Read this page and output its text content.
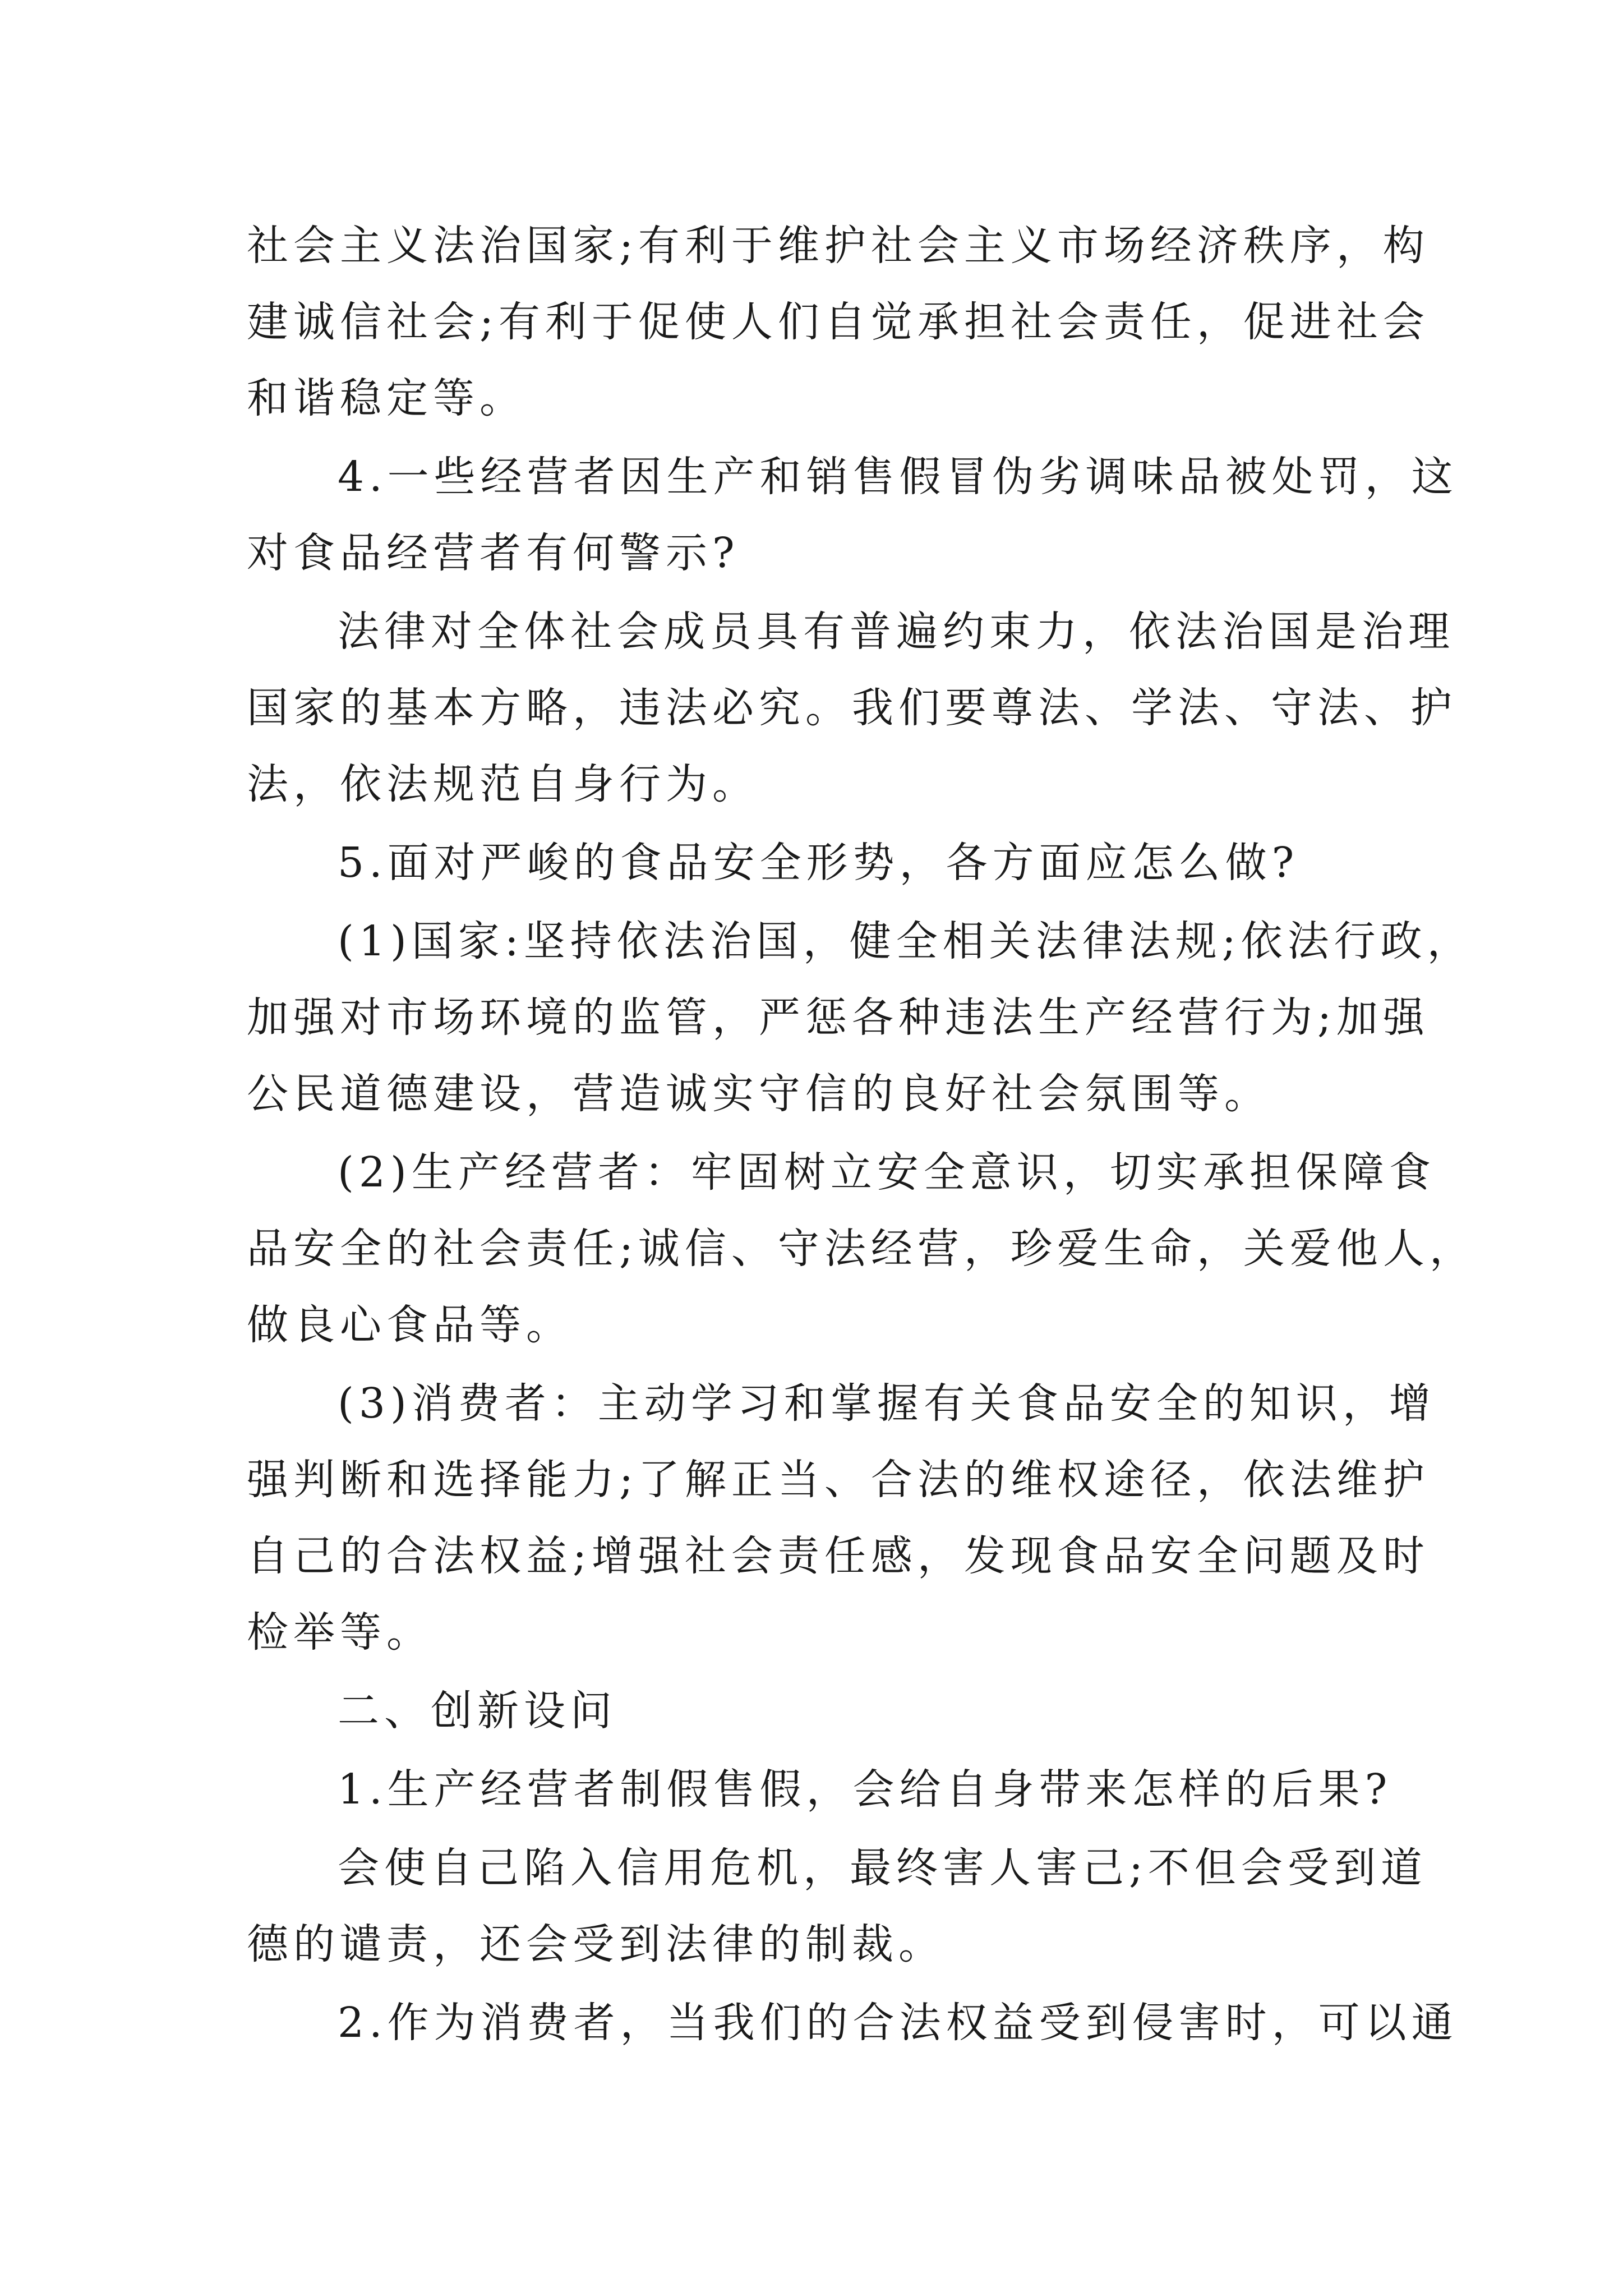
社会主义法治国家;有利于维护社会主义市场经济秩序，构
建诚信社会;有利于促使人们自觉承担社会责任，促进社会
和谐稳定等。
4.一些经营者因生产和销售假冒伪劣调味品被处罚，这
对食品经营者有何警示?
法律对全体社会成员具有普遍约束力，依法治国是治理
国家的基本方略，违法必究。我们要尊法、学法、守法、护
法，依法规范自身行为。
5.面对严峻的食品安全形势，各方面应怎么做?
(1)国家:坚持依法治国，健全相关法律法规;依法行政，
加强对市场环境的监管，严惩各种违法生产经营行为;加强
公民道德建设，营造诚实守信的良好社会氛围等。
(2)生产经营者：牢固树立安全意识，切实承担保障食
品安全的社会责任;诚信、守法经营，珍爱生命，关爱他人，
做良心食品等。
(3)消费者：主动学习和掌握有关食品安全的知识，增
强判断和选择能力;了解正当、合法的维权途径，依法维护
自己的合法权益;增强社会责任感，发现食品安全问题及时
检举等。
二、创新设问
1.生产经营者制假售假，会给自身带来怎样的后果?
会使自己陷入信用危机，最终害人害己;不但会受到道
德的谴责，还会受到法律的制裁。
2.作为消费者，当我们的合法权益受到侵害时，可以通
